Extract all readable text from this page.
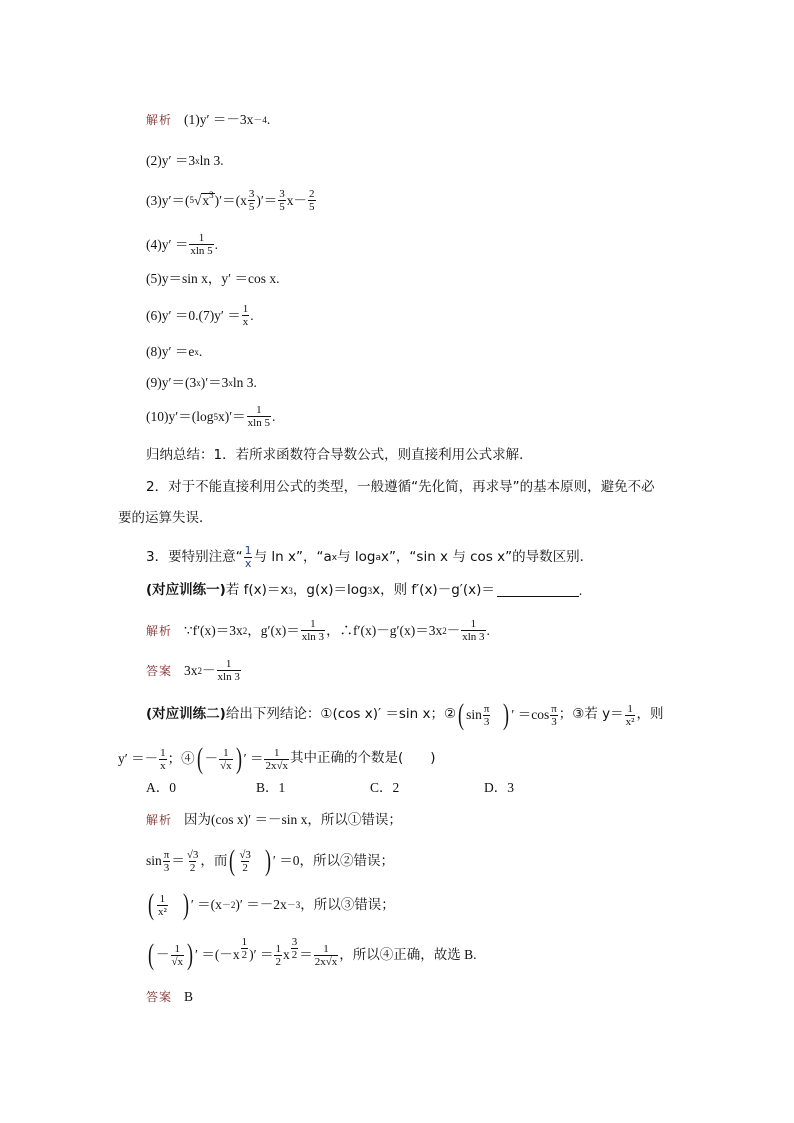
解析 (1)y′ ＝－3x －4 .
(2)y′ ＝3 x ln 3.
(3)y′＝( 5 √ $x^3$ )$'=(x \frac{3}{5}$ )′＝ $\frac{3}{5} x- \frac{2}{5}$
$(4)y' = \frac{1}{xln 5}$ .
(5)y＝sin x，y′ ＝cos x.
$(6)y' =0.(7)y' = \frac{1}{x}$ .
(8)y′ ＝e x .
(9)y′＝(3 x )′＝3 x ln 3.
(10)y′＝(log 5 $x)'= \frac{1}{xln 5}$ .
归纳总结：1．若所求函数符合导数公式，则直接利用公式求解．
2．对于不能直接利用公式的类型，一般遵循“先化简，再求导”的基本原则，避免不必
要的运算失误．
3．要特别注意“ $\frac{1}{x}$ 与 ln x”，“a x 与 log a x”，“sin x 与 cos x”的导数区别．
(对应训练一) 若 f(x)＝x 3 ，g(x)＝log 3 x，则 f′(x)－g′(x)＝	.
解析 ∵f′(x)＝3x 2 ，$g'(x)= \frac{1}{xln 3}$ ，∴f′(x)－g′(x)＝3x $2 - \frac{1}{xln 3}$ .
答案 3x $2 - \frac{1}{xln 3}$
(对应训练二) 给出下列结论：①(cos x)′ ＝sin x；② ( $\sin \frac{\pi}{3}$ ) ′ $=\cos \frac{\pi}{3}$ ；③若 $y= \frac{1}{\text{x²}}$ ，则
$y' =- \frac{1}{x}$ ；④ ( － $\frac{1}{√x}$ ) ′ ＝ $\frac{1}{2x√x}$ 其中正确的个数是(　　)
A．0	B．1	C．2	D．3
解析 因为(cos x)′ ＝－sin x，所以①错误；
$\sin \frac{\pi}{3} = \frac{√3}{2}$ ，而 ( $\frac{√3}{2}$ ) ′ ＝0，所以②错误；
( $\frac{1}{\text{x²}}$ ) ′ ＝(x －2 )′ ＝－2x －3 ，所以③错误；
( － $\frac{1}{√x}$ ) ′ $=(-x \frac{1}{2}$ )′ ＝ $\frac{1}{2}$ x $\frac{3}{2} = \frac{1}{2x√x}$ ，所以④正确，故选 B.
答案 B
